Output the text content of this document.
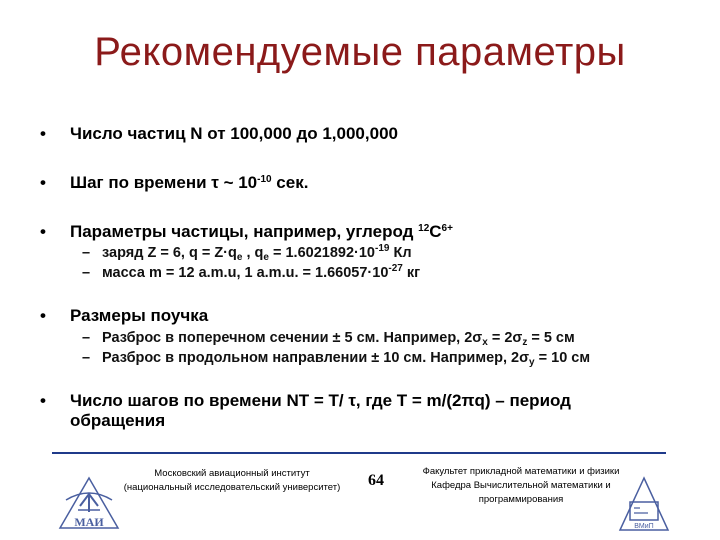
Рекомендуемые параметры
• Число частиц N от 100,000 до 1,000,000
• Шаг по времени τ ~ $10^{-10}$ сек.
• Параметры частицы, например, углерод $^{12}C^{6+}$
– заряд Z = 6, $q = Z\cdot q_e$ , $q_e = 1.6021892\cdot 10^{-19}$ Кл
– масса m = 12 a.m.u, 1 a.m.u. = $1.66057\cdot 10^{-27}$ кг
• Размеры поучка
– Разброс в поперечном сечении ± 5 см. Например, $2\sigma_x = 2\sigma_z = 5$ см
– Разброс в продольном направлении ± 10 см. Например, $2\sigma_y = 10$ см
• Число шагов по времени NT = T/ τ, где T = m/(2πq) – период
обращения
МАИ
Московский авиационный институт
(национальный исследовательский университет)	64
Факультет прикладной математики и физики
Кафедра Вычислительной математики и
программирования
ВМиП
